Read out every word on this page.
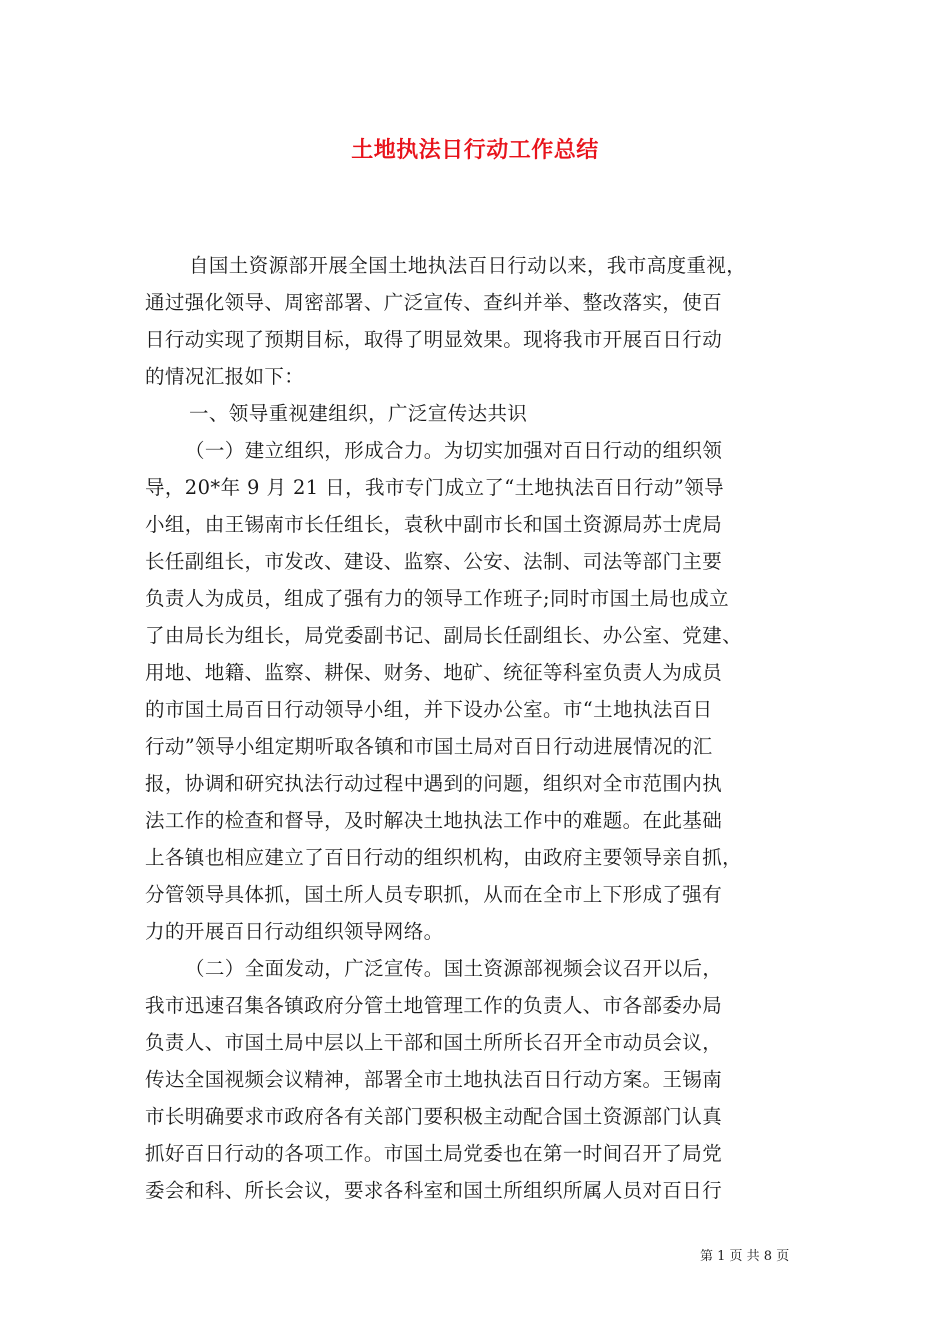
土地执法日行动工作总结
自国土资源部开展全国土地执法百日行动以来，我市高度重视，
通过强化领导、周密部署、广泛宣传、查纠并举、整改落实，使百
日行动实现了预期目标，取得了明显效果。现将我市开展百日行动
的情况汇报如下：
一、领导重视建组织，广泛宣传达共识
（一）建立组织，形成合力。为切实加强对百日行动的组织领
导，20*年 9 月 21 日，我市专门成立了“土地执法百日行动”领导
小组，由王锡南市长任组长，袁秋中副市长和国土资源局苏士虎局
长任副组长，市发改、建设、监察、公安、法制、司法等部门主要
负责人为成员，组成了强有力的领导工作班子;同时市国土局也成立
了由局长为组长，局党委副书记、副局长任副组长、办公室、党建、
用地、地籍、监察、耕保、财务、地矿、统征等科室负责人为成员
的市国土局百日行动领导小组，并下设办公室。市“土地执法百日
行动”领导小组定期听取各镇和市国土局对百日行动进展情况的汇
报，协调和研究执法行动过程中遇到的问题，组织对全市范围内执
法工作的检查和督导，及时解决土地执法工作中的难题。在此基础
上各镇也相应建立了百日行动的组织机构，由政府主要领导亲自抓，
分管领导具体抓，国土所人员专职抓，从而在全市上下形成了强有
力的开展百日行动组织领导网络。
（二）全面发动，广泛宣传。国土资源部视频会议召开以后，
我市迅速召集各镇政府分管土地管理工作的负责人、市各部委办局
负责人、市国土局中层以上干部和国土所所长召开全市动员会议，
传达全国视频会议精神，部署全市土地执法百日行动方案。王锡南
市长明确要求市政府各有关部门要积极主动配合国土资源部门认真
抓好百日行动的各项工作。市国土局党委也在第一时间召开了局党
委会和科、所长会议，要求各科室和国土所组织所属人员对百日行
第 1 页 共 8 页
